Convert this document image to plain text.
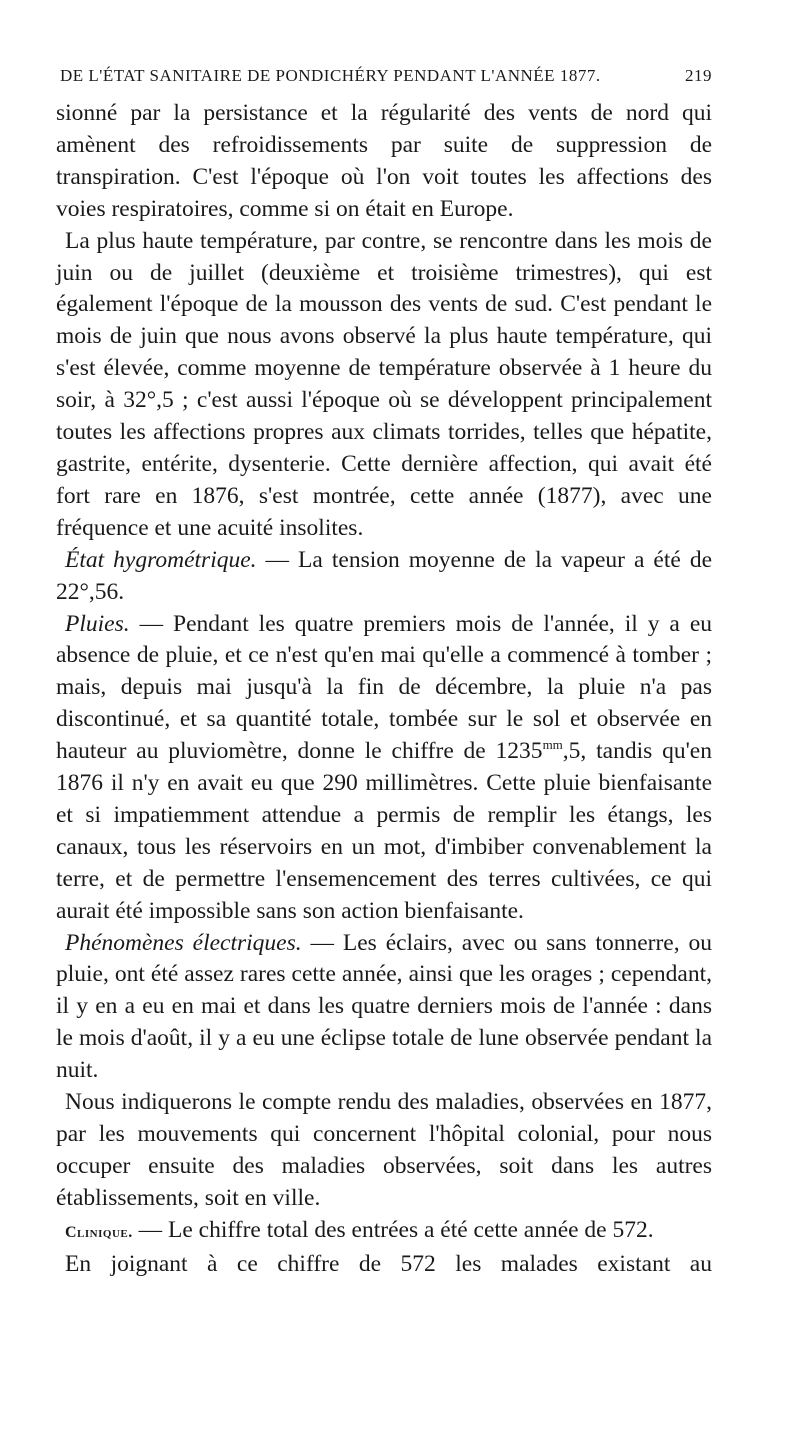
DE L'ÉTAT SANITAIRE DE PONDICHÉRY PENDANT L'ANNÉE 1877.	219

sionné par la persistance et la régularité des vents de nord qui amènent des refroidissements par suite de suppression de transpiration. C'est l'époque où l'on voit toutes les affections des voies respiratoires, comme si on était en Europe.

La plus haute température, par contre, se rencontre dans les mois de juin ou de juillet (deuxième et troisième trimestres), qui est également l'époque de la mousson des vents de sud. C'est pendant le mois de juin que nous avons observé la plus haute température, qui s'est élevée, comme moyenne de température observée à 1 heure du soir, à 32°,5 ; c'est aussi l'époque où se développent principalement toutes les affections propres aux climats torrides, telles que hépatite, gastrite, entérite, dysenterie. Cette dernière affection, qui avait été fort rare en 1876, s'est montrée, cette année (1877), avec une fréquence et une acuité insolites.

État hygrométrique. — La tension moyenne de la vapeur a été de 22°,56.

Pluies. — Pendant les quatre premiers mois de l'année, il y a eu absence de pluie, et ce n'est qu'en mai qu'elle a commencé à tomber ; mais, depuis mai jusqu'à la fin de décembre, la pluie n'a pas discontinué, et sa quantité totale, tombée sur le sol et observée en hauteur au pluviomètre, donne le chiffre de $1235^{mm},5$, tandis qu'en 1876 il n'y en avait eu que 290 millimètres. Cette pluie bienfaisante et si impatiemment attendue a permis de remplir les étangs, les canaux, tous les réservoirs en un mot, d'imbiber convenablement la terre, et de permettre l'ensemencement des terres cultivées, ce qui aurait été impossible sans son action bienfaisante.

Phénomènes électriques. — Les éclairs, avec ou sans tonnerre, ou pluie, ont été assez rares cette année, ainsi que les orages ; cependant, il y en a eu en mai et dans les quatre derniers mois de l'année : dans le mois d'août, il y a eu une éclipse totale de lune observée pendant la nuit.

Nous indiquerons le compte rendu des maladies, observées en 1877, par les mouvements qui concernent l'hôpital colonial, pour nous occuper ensuite des maladies observées, soit dans les autres établissements, soit en ville.

Clinique. — Le chiffre total des entrées a été cette année de 572.

En joignant à ce chiffre de 572 les malades existant au
